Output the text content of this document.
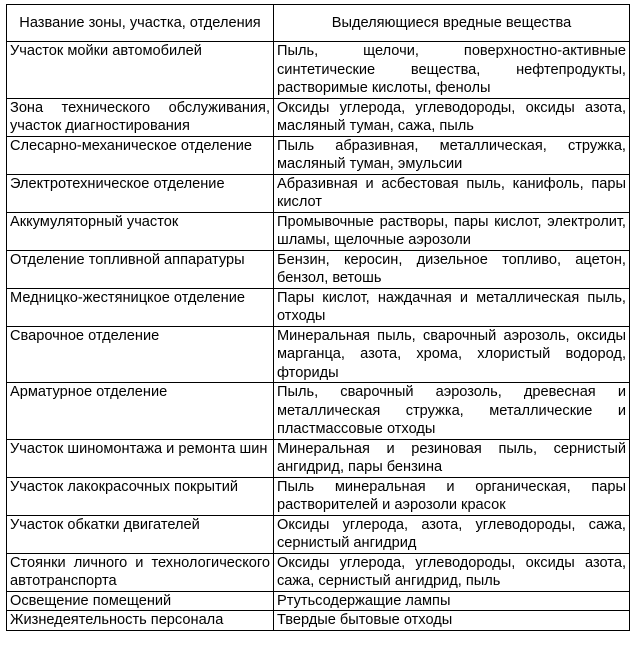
Название зоны, участка, отделения	Выделяющиеся вредные вещества
Участок мойки автомобилей	Пыль, щелочи, поверхностно-активные синтетические вещества, нефтепродукты, растворимые кислоты, фенолы
Зона технического обслуживания, участок диагностирования	Оксиды углерода, углеводороды, оксиды азота, масляный туман, сажа, пыль
Слесарно-механическое отделение	Пыль абразивная, металлическая, стружка, масляный туман, эмульсии
Электротехническое отделение	Абразивная и асбестовая пыль, канифоль, пары кислот
Аккумуляторный участок	Промывочные растворы, пары кислот, электролит, шламы, щелочные аэрозоли
Отделение топливной аппаратуры	Бензин, керосин, дизельное топливо, ацетон, бензол, ветошь
Медницко-жестяницкое отделение	Пары кислот, наждачная и металлическая пыль, отходы
Сварочное отделение	Минеральная пыль, сварочный аэрозоль, оксиды марганца, азота, хрома, хлористый водород, фториды
Арматурное отделение	Пыль, сварочный аэрозоль, древесная и металлическая стружка, металлические и пластмассовые отходы
Участок шиномонтажа и ремонта шин	Минеральная и резиновая пыль, сернистый ангидрид, пары бензина
Участок лакокрасочных покрытий	Пыль минеральная и органическая, пары растворителей и аэрозоли красок
Участок обкатки двигателей	Оксиды углерода, азота, углеводороды, сажа, сернистый ангидрид
Стоянки личного и технологического автотранспорта	Оксиды углерода, углеводороды, оксиды азота, сажа, сернистый ангидрид, пыль
Освещение помещений	Ртутьсодержащие лампы
Жизнедеятельность персонала	Твердые бытовые отходы
